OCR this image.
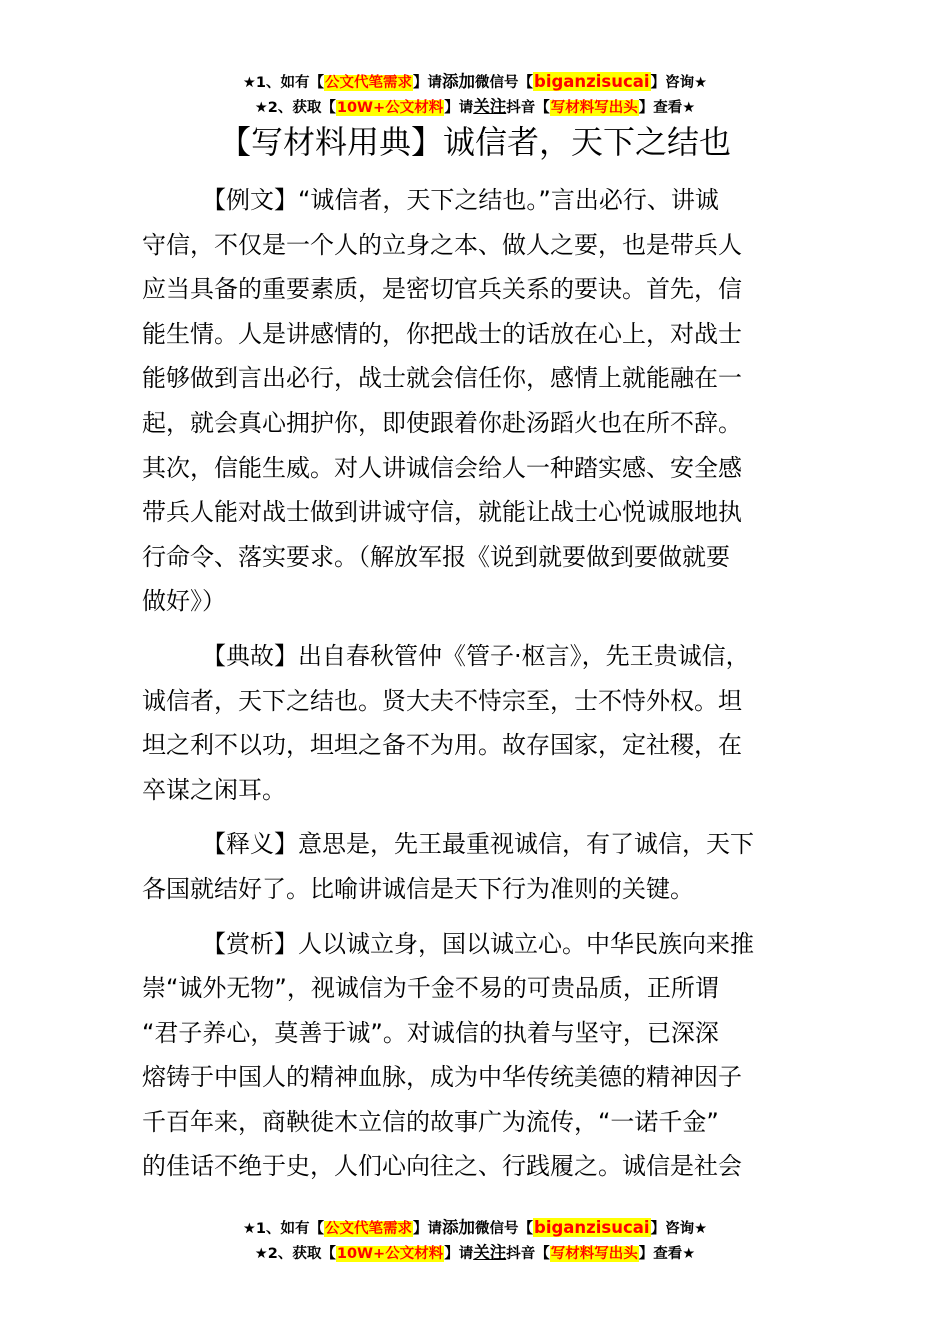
★1、如有【公文代笔需求】请添加微信号【biganzisucai】咨询★
★2、获取【10W+公文材料】请关注抖音【写材料写出头】查看★
【写材料用典】诚信者，天下之结也
【例文】“诚信者，天下之结也。”言出必行、讲诚
守信，不仅是一个人的立身之本、做人之要，也是带兵人
应当具备的重要素质，是密切官兵关系的要诀。首先，信
能生情。人是讲感情的，你把战士的话放在心上，对战士
能够做到言出必行，战士就会信任你，感情上就能融在一
起，就会真心拥护你，即使跟着你赴汤蹈火也在所不辞。
其次，信能生威。对人讲诚信会给人一种踏实感、安全感
带兵人能对战士做到讲诚守信，就能让战士心悦诚服地执
行命令、落实要求。（解放军报《说到就要做到要做就要
做好》）
【典故】出自春秋管仲《管子·枢言》，先王贵诚信，
诚信者，天下之结也。贤大夫不恃宗至，士不恃外权。坦
坦之利不以功，坦坦之备不为用。故存国家，定社稷，在
卒谋之闲耳。
【释义】意思是，先王最重视诚信，有了诚信，天下
各国就结好了。比喻讲诚信是天下行为准则的关键。
【赏析】人以诚立身，国以诚立心。中华民族向来推
崇“诚外无物”，视诚信为千金不易的可贵品质，正所谓
“君子养心，莫善于诚”。对诚信的执着与坚守，已深深
熔铸于中国人的精神血脉，成为中华传统美德的精神因子
千百年来，商鞅徙木立信的故事广为流传，“一诺千金”
的佳话不绝于史，人们心向往之、行践履之。诚信是社会
★1、如有【公文代笔需求】请添加微信号【biganzisucai】咨询★
★2、获取【10W+公文材料】请关注抖音【写材料写出头】查看★
